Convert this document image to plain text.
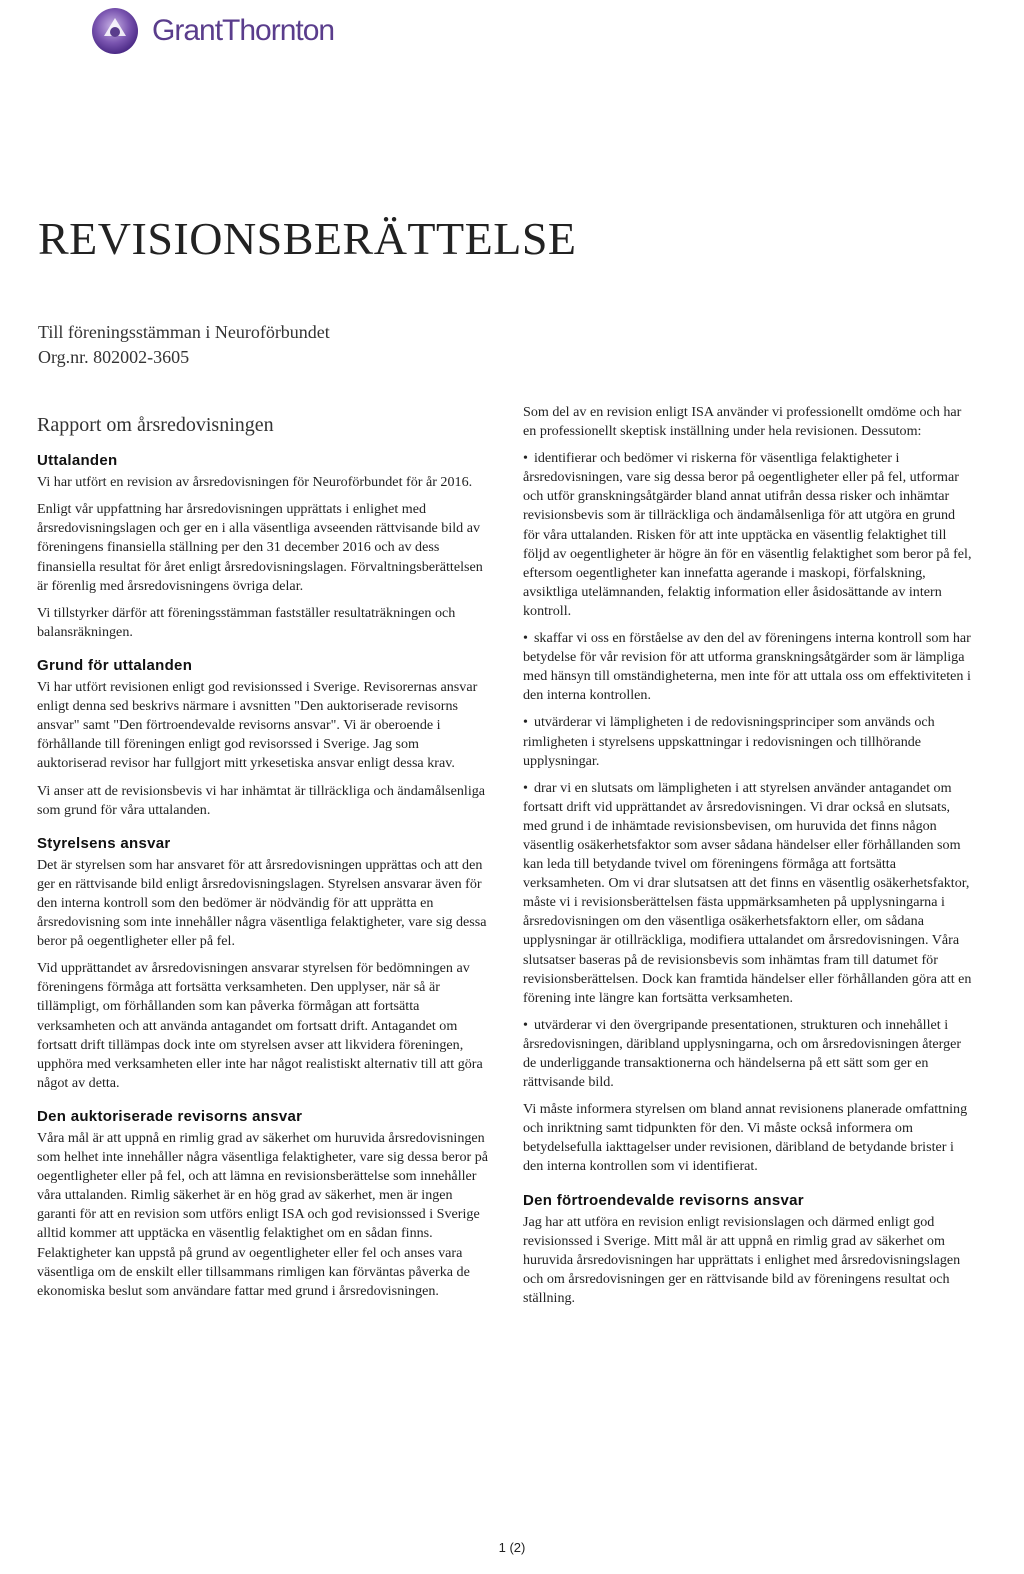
GrantThornton
REVISIONSBERÄTTELSE
Till föreningsstämman i Neuroförbundet
Org.nr. 802002-3605
Rapport om årsredovisningen
Uttalanden

Vi har utfört en revision av årsredovisningen för Neuroförbundet för år 2016.

Enligt vår uppfattning har årsredovisningen upprättats i enlighet med årsredovisningslagen och ger en i alla väsentliga avseenden rättvisande bild av föreningens finansiella ställning per den 31 december 2016 och av dess finansiella resultat för året enligt årsredovisningslagen. Förvaltningsberättelsen är förenlig med årsredovisningens övriga delar.

Vi tillstyrker därför att föreningsstämman fastställer resultaträkningen och balansräkningen.

Grund för uttalanden

Vi har utfört revisionen enligt god revisionssed i Sverige. Revisorernas ansvar enligt denna sed beskrivs närmare i avsnitten "Den auktoriserade revisorns ansvar" samt "Den förtroendevalde revisorns ansvar". Vi är oberoende i förhållande till föreningen enligt god revisorssed i Sverige. Jag som auktoriserad revisor har fullgjort mitt yrkesetiska ansvar enligt dessa krav.

Vi anser att de revisionsbevis vi har inhämtat är tillräckliga och ändamålsenliga som grund för våra uttalanden.

Styrelsens ansvar

Det är styrelsen som har ansvaret för att årsredovisningen upprättas och att den ger en rättvisande bild enligt årsredovisningslagen. Styrelsen ansvarar även för den interna kontroll som den bedömer är nödvändig för att upprätta en årsredovisning som inte innehåller några väsentliga felaktigheter, vare sig dessa beror på oegentligheter eller på fel.

Vid upprättandet av årsredovisningen ansvarar styrelsen för bedömningen av föreningens förmåga att fortsätta verksamheten. Den upplyser, när så är tillämpligt, om förhållanden som kan påverka förmågan att fortsätta verksamheten och att använda antagandet om fortsatt drift. Antagandet om fortsatt drift tillämpas dock inte om styrelsen avser att likvidera föreningen, upphöra med verksamheten eller inte har något realistiskt alternativ till att göra något av detta.

Den auktoriserade revisorns ansvar

Våra mål är att uppnå en rimlig grad av säkerhet om huruvida årsredovisningen som helhet inte innehåller några väsentliga felaktigheter, vare sig dessa beror på oegentligheter eller på fel, och att lämna en revisionsberättelse som innehåller våra uttalanden. Rimlig säkerhet är en hög grad av säkerhet, men är ingen garanti för att en revision som utförs enligt ISA och god revisionssed i Sverige alltid kommer att upptäcka en väsentlig felaktighet om en sådan finns. Felaktigheter kan uppstå på grund av oegentligheter eller fel och anses vara väsentliga om de enskilt eller tillsammans rimligen kan förväntas påverka de ekonomiska beslut som användare fattar med grund i årsredovisningen.

Som del av en revision enligt ISA använder vi professionellt omdöme och har en professionellt skeptisk inställning under hela revisionen. Dessutom:

• identifierar och bedömer vi riskerna för väsentliga felaktigheter i årsredovisningen, vare sig dessa beror på oegentligheter eller på fel, utformar och utför granskningsåtgärder bland annat utifrån dessa risker och inhämtar revisionsbevis som är tillräckliga och ändamålsenliga för att utgöra en grund för våra uttalanden. Risken för att inte upptäcka en väsentlig felaktighet till följd av oegentligheter är högre än för en väsentlig felaktighet som beror på fel, eftersom oegentligheter kan innefatta agerande i maskopi, förfalskning, avsiktliga utelämnanden, felaktig information eller åsidosättande av intern kontroll.
• skaffar vi oss en förståelse av den del av föreningens interna kontroll som har betydelse för vår revision för att utforma granskningsåtgärder som är lämpliga med hänsyn till omständigheterna, men inte för att uttala oss om effektiviteten i den interna kontrollen.
• utvärderar vi lämpligheten i de redovisningsprinciper som används och rimligheten i styrelsens uppskattningar i redovisningen och tillhörande upplysningar.
• drar vi en slutsats om lämpligheten i att styrelsen använder antagandet om fortsatt drift vid upprättandet av årsredovisningen. Vi drar också en slutsats, med grund i de inhämtade revisionsbevisen, om huruvida det finns någon väsentlig osäkerhetsfaktor som avser sådana händelser eller förhållanden som kan leda till betydande tvivel om föreningens förmåga att fortsätta verksamheten. Om vi drar slutsatsen att det finns en väsentlig osäkerhetsfaktor, måste vi i revisionsberättelsen fästa uppmärksamheten på upplysningarna i årsredovisningen om den väsentliga osäkerhetsfaktorn eller, om sådana upplysningar är otillräckliga, modifiera uttalandet om årsredovisningen. Våra slutsatser baseras på de revisionsbevis som inhämtas fram till datumet för revisionsberättelsen. Dock kan framtida händelser eller förhållanden göra att en förening inte längre kan fortsätta verksamheten.
• utvärderar vi den övergripande presentationen, strukturen och innehållet i årsredovisningen, däribland upplysningarna, och om årsredovisningen återger de underliggande transaktionerna och händelserna på ett sätt som ger en rättvisande bild.

Vi måste informera styrelsen om bland annat revisionens planerade omfattning och inriktning samt tidpunkten för den. Vi måste också informera om betydelsefulla iakttagelser under revisionen, däribland de betydande brister i den interna kontrollen som vi identifierat.

Den förtroendevalde revisorns ansvar

Jag har att utföra en revision enligt revisionslagen och därmed enligt god revisionssed i Sverige. Mitt mål är att uppnå en rimlig grad av säkerhet om huruvida årsredovisningen har upprättats i enlighet med årsredovisningslagen och om årsredovisningen ger en rättvisande bild av föreningens resultat och ställning.

1 (2)
